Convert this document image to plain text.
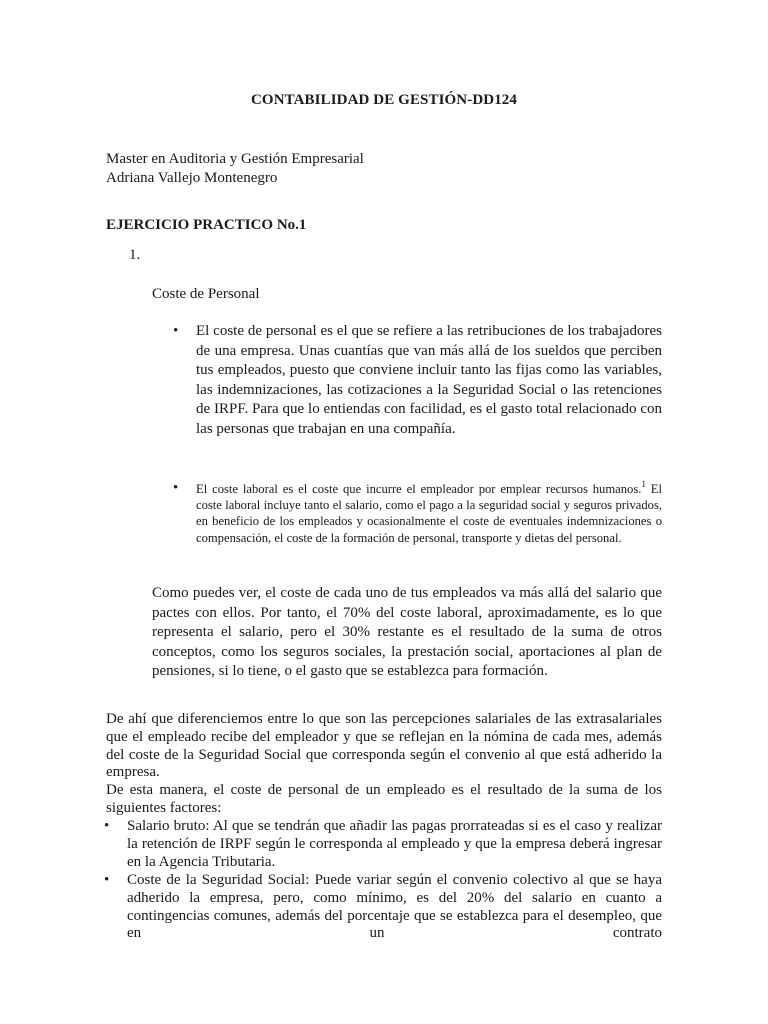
CONTABILIDAD DE GESTIÓN-DD124

Master en Auditoria y Gestión Empresarial

Adriana Vallejo Montenegro

EJERCICIO PRACTICO No.1

1.

Coste de Personal

• El coste de personal es el que se refiere a las retribuciones de los trabajadores de una empresa. Unas cuantías que van más allá de los sueldos que perciben tus empleados, puesto que conviene incluir tanto las fijas como las variables, las indemnizaciones, las cotizaciones a la Seguridad Social o las retenciones de IRPF. Para que lo entiendas con facilidad, es el gasto total relacionado con las personas que trabajan en una compañía.

• El coste laboral es el coste que incurre el empleador por emplear recursos humanos.$^1$ El coste laboral incluye tanto el salario, como el pago a la seguridad social y seguros privados, en beneficio de los empleados y ocasionalmente el coste de eventuales indemnizaciones o compensación, el coste de la formación de personal, transporte y dietas del personal.

Como puedes ver, el coste de cada uno de tus empleados va más allá del salario que pactes con ellos. Por tanto, el 70% del coste laboral, aproximadamente, es lo que representa el salario, pero el 30% restante es el resultado de la suma de otros conceptos, como los seguros sociales, la prestación social, aportaciones al plan de pensiones, si lo tiene, o el gasto que se establezca para formación.

De ahí que diferenciemos entre lo que son las percepciones salariales de las extrasalariales que el empleado recibe del empleador y que se reflejan en la nómina de cada mes, además del coste de la Seguridad Social que corresponda según el convenio al que está adherido la empresa.

De esta manera, el coste de personal de un empleado es el resultado de la suma de los siguientes factores:

• Salario bruto: Al que se tendrán que añadir las pagas prorrateadas si es el caso y realizar la retención de IRPF según le corresponda al empleado y que la empresa deberá ingresar en la Agencia Tributaria.

• Coste de la Seguridad Social: Puede variar según el convenio colectivo al que se haya adherido la empresa, pero, como mínimo, es del 20% del salario en cuanto a contingencias comunes, además del porcentaje que se establezca para el desempleo, que en un contrato
